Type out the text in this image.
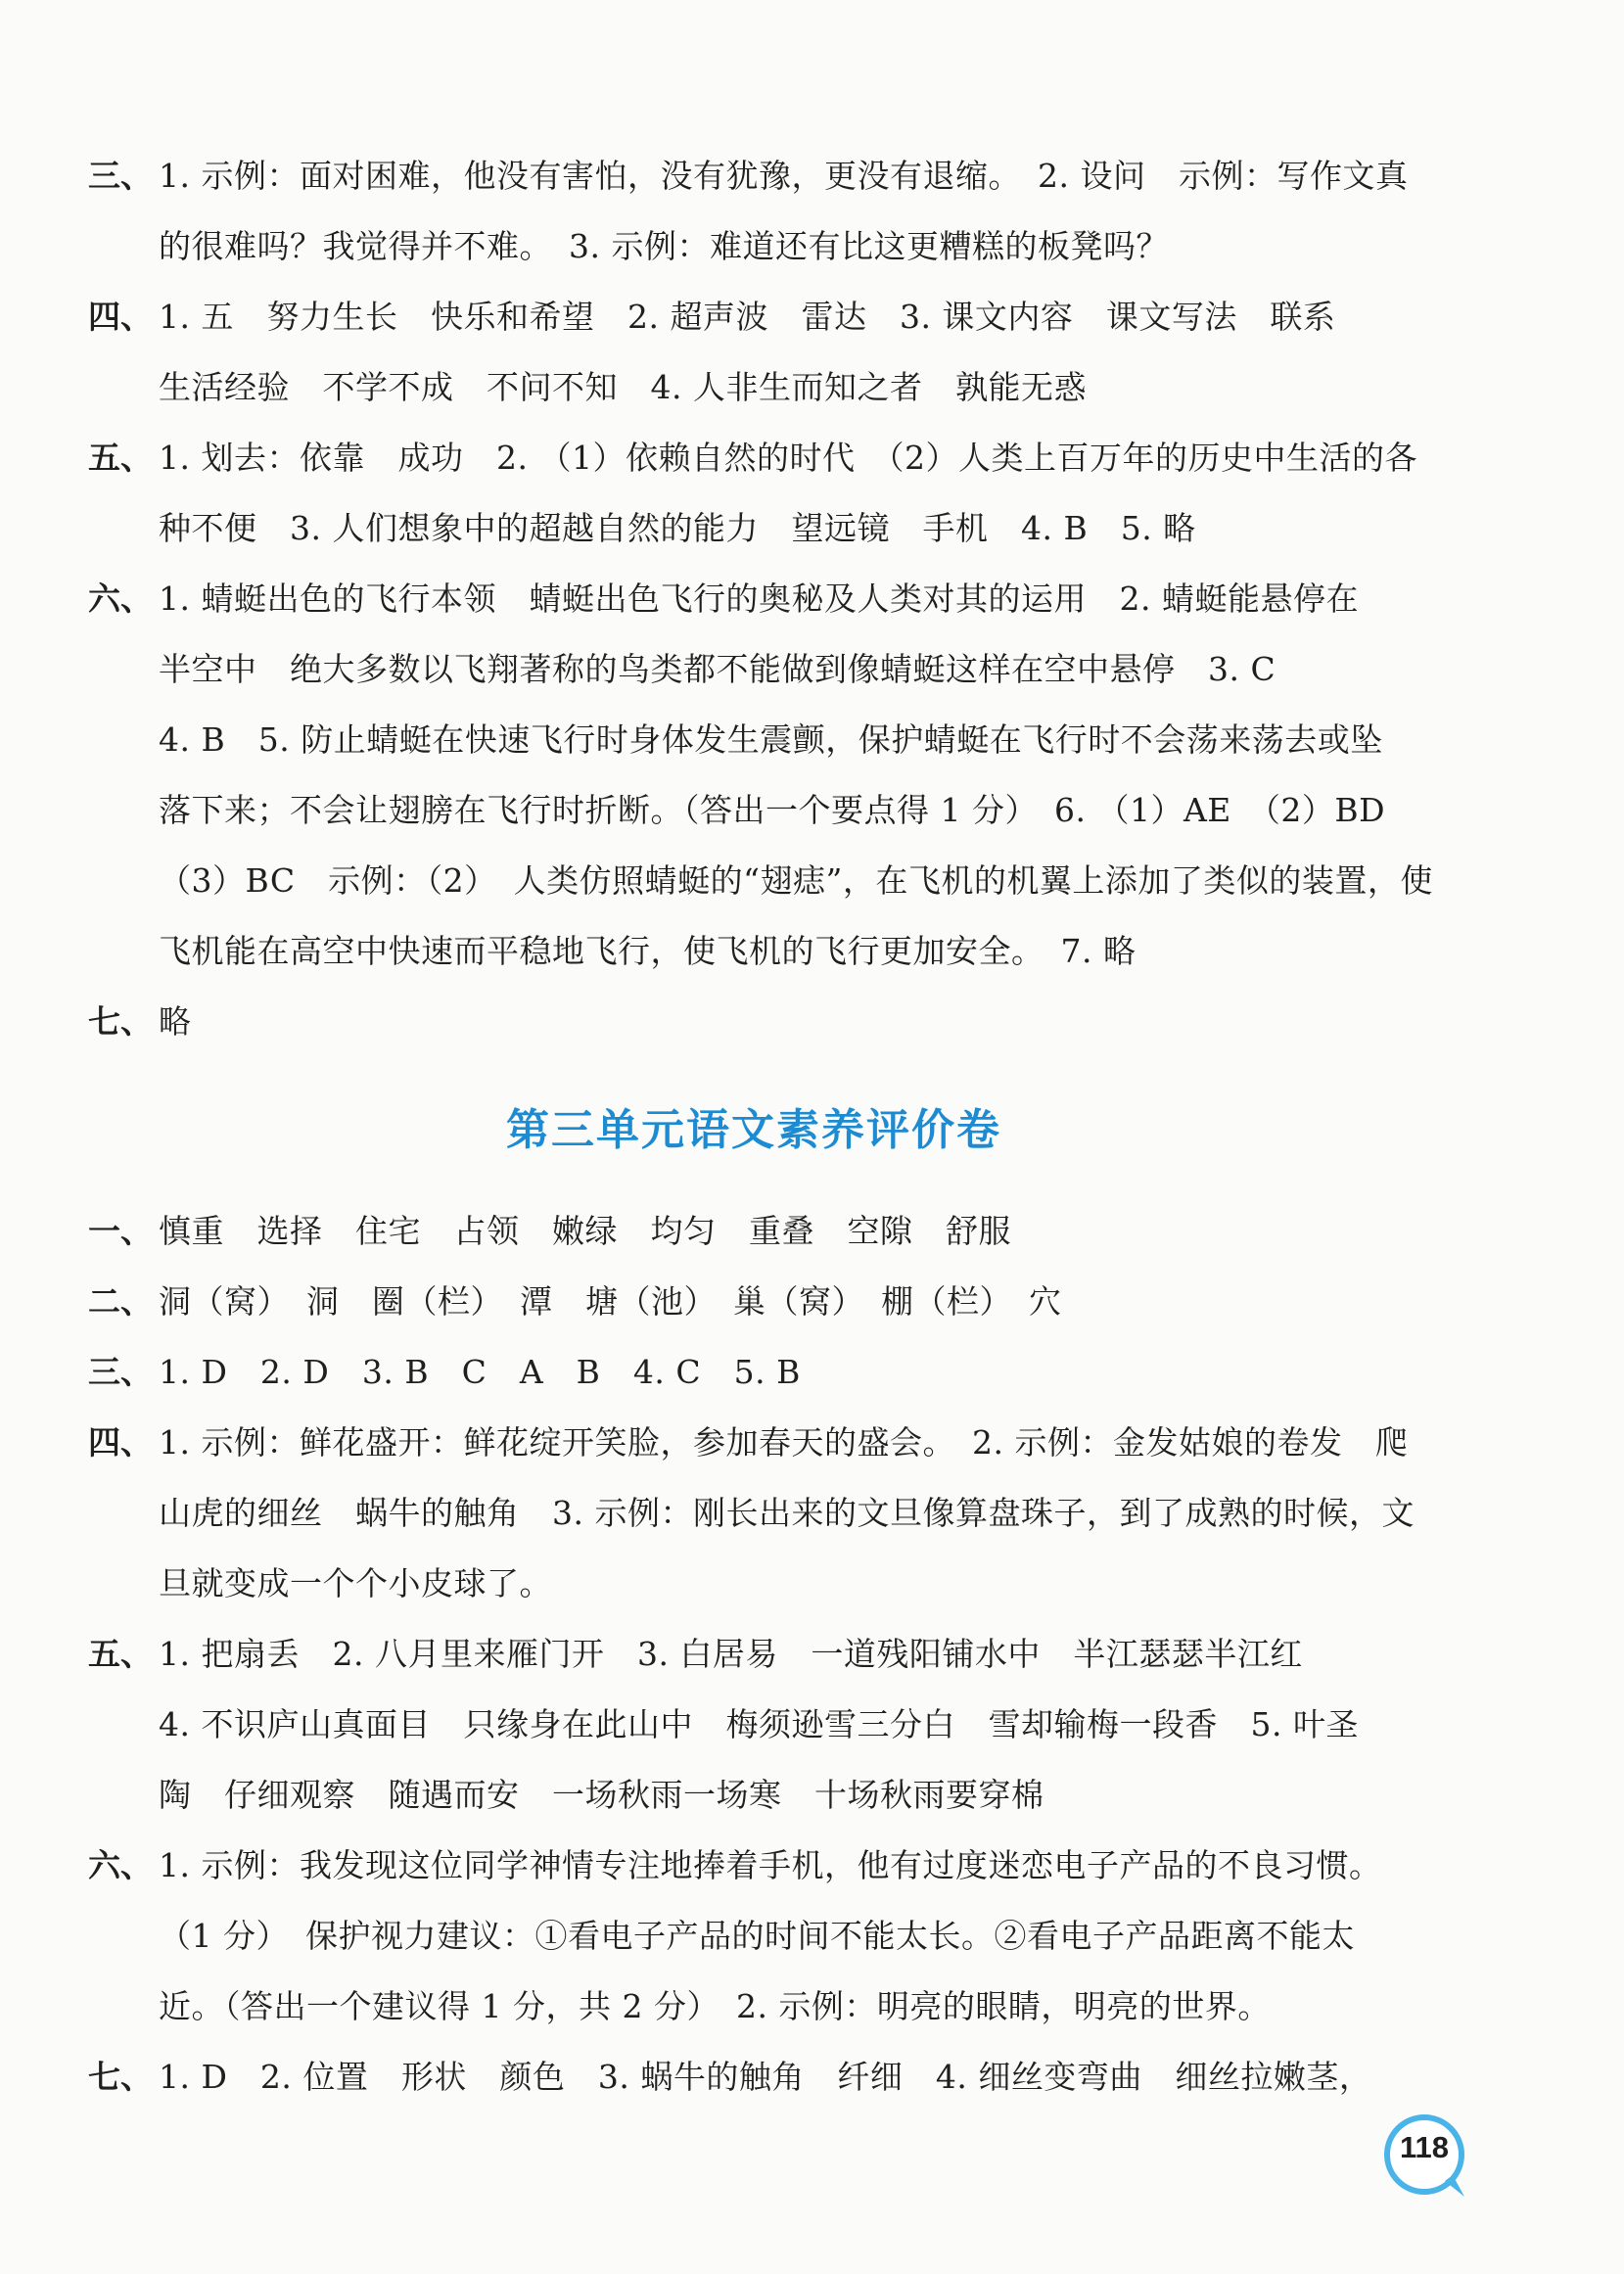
三、 1. 示例：面对困难，他没有害怕，没有犹豫，更没有退缩。　2. 设问　示例：写作文真
的很难吗？我觉得并不难。　3. 示例：难道还有比这更糟糕的板凳吗？
四、 1. 五　努力生长　快乐和希望　2. 超声波　雷达　3. 课文内容　课文写法　联系
生活经验　不学不成　不问不知　4. 人非生而知之者　孰能无惑
五、 1. 划去：依靠　成功　2. （1）依赖自然的时代　（2）人类上百万年的历史中生活的各
种不便　3. 人们想象中的超越自然的能力　望远镜　手机　4. B　5. 略
六、 1. 蜻蜓出色的飞行本领　蜻蜓出色飞行的奥秘及人类对其的运用　2. 蜻蜓能悬停在
半空中　绝大多数以飞翔著称的鸟类都不能做到像蜻蜓这样在空中悬停　3. C
4. B　5. 防止蜻蜓在快速飞行时身体发生震颤，保护蜻蜓在飞行时不会荡来荡去或坠
落下来；不会让翅膀在飞行时折断。（答出一个要点得 1 分）　6. （1）AE　（2）BD
（3）BC　示例：（2）　人类仿照蜻蜓的“翅痣”，在飞机的机翼上添加了类似的装置，使
飞机能在高空中快速而平稳地飞行，使飞机的飞行更加安全。　7. 略
七、 略
第三单元语文素养评价卷
一、 慎重　选择　住宅　占领　嫩绿　均匀　重叠　空隙　舒服
二、 洞（窝）　洞　圈（栏）　潭　塘（池）　巢（窝）　棚（栏）　穴
三、 1. D　2. D　3. B　C　A　B　4. C　5. B
四、 1. 示例：鲜花盛开：鲜花绽开笑脸，参加春天的盛会。　2. 示例：金发姑娘的卷发　爬
山虎的细丝　蜗牛的触角　3. 示例：刚长出来的文旦像算盘珠子，到了成熟的时候，文
旦就变成一个个小皮球了。
五、 1. 把扇丢　2. 八月里来雁门开　3. 白居易　一道残阳铺水中　半江瑟瑟半江红
4. 不识庐山真面目　只缘身在此山中　梅须逊雪三分白　雪却输梅一段香　5. 叶圣
陶　仔细观察　随遇而安　一场秋雨一场寒　十场秋雨要穿棉
六、 1. 示例：我发现这位同学神情专注地捧着手机，他有过度迷恋电子产品的不良习惯。
（1 分）　保护视力建议：①看电子产品的时间不能太长。②看电子产品距离不能太
近。（答出一个建议得 1 分，共 2 分）　2. 示例：明亮的眼睛，明亮的世界。
七、 1. D　2. 位置　形状　颜色　3. 蜗牛的触角　纤细　4. 细丝变弯曲　细丝拉嫩茎，
118
